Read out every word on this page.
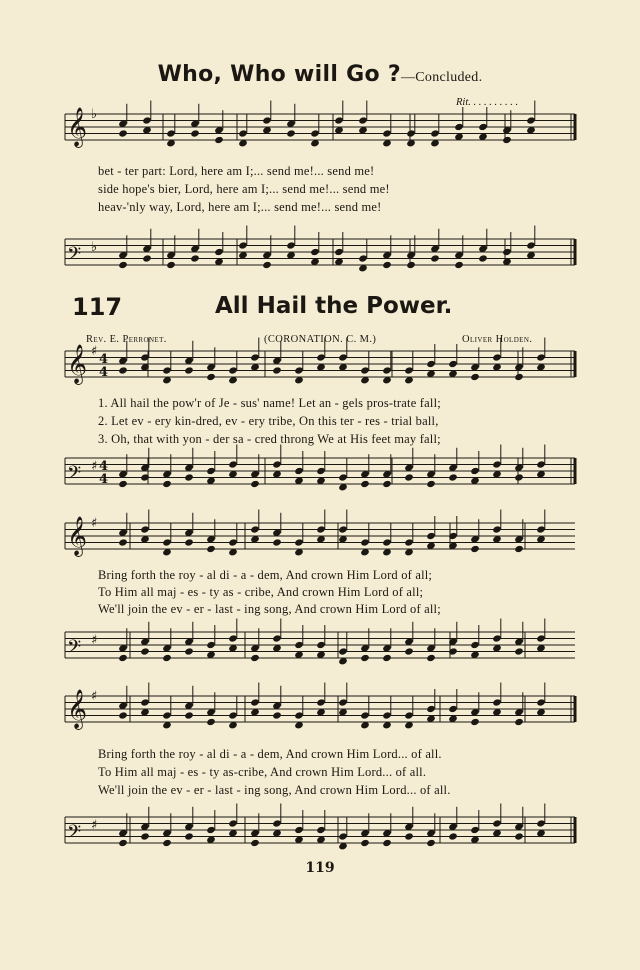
Who, Who will Go ?—Concluded.
Rit. . . . . . . . . .
𝄞 ♭
bet - ter part: Lord, here am I;... send me!... send me!
side hope's bier, Lord, here am I;... send me!... send me!
heav-'nly way, Lord, here am I;... send me!... send me!
𝄢 ♭
117	All Hail the Power.
Rev. E. Perronet.	(CORONATION. C. M.)	Oliver Holden.
𝄞 ♯
4
4
1. All hail the pow'r of Je - sus' name! Let an - gels pros-trate fall;
2. Let ev - ery kin-dred, ev - ery tribe, On this ter - res - trial ball,
3. Oh, that with yon - der sa - cred throng We at His feet may fall;
𝄢 ♯ 4
4
𝄞 ♯
Bring forth the roy - al di - a - dem, And crown Him Lord of all;
To Him all maj - es - ty as - cribe, And crown Him Lord of all;
We'll join the ev - er - last - ing song, And crown Him Lord of all;
𝄢 ♯
𝄞 ♯
Bring forth the roy - al di - a - dem, And crown Him Lord... of all.
To Him all maj - es - ty as-cribe, And crown Him Lord... of all.
We'll join the ev - er - last - ing song, And crown Him Lord... of all.
𝄢 ♯
119
